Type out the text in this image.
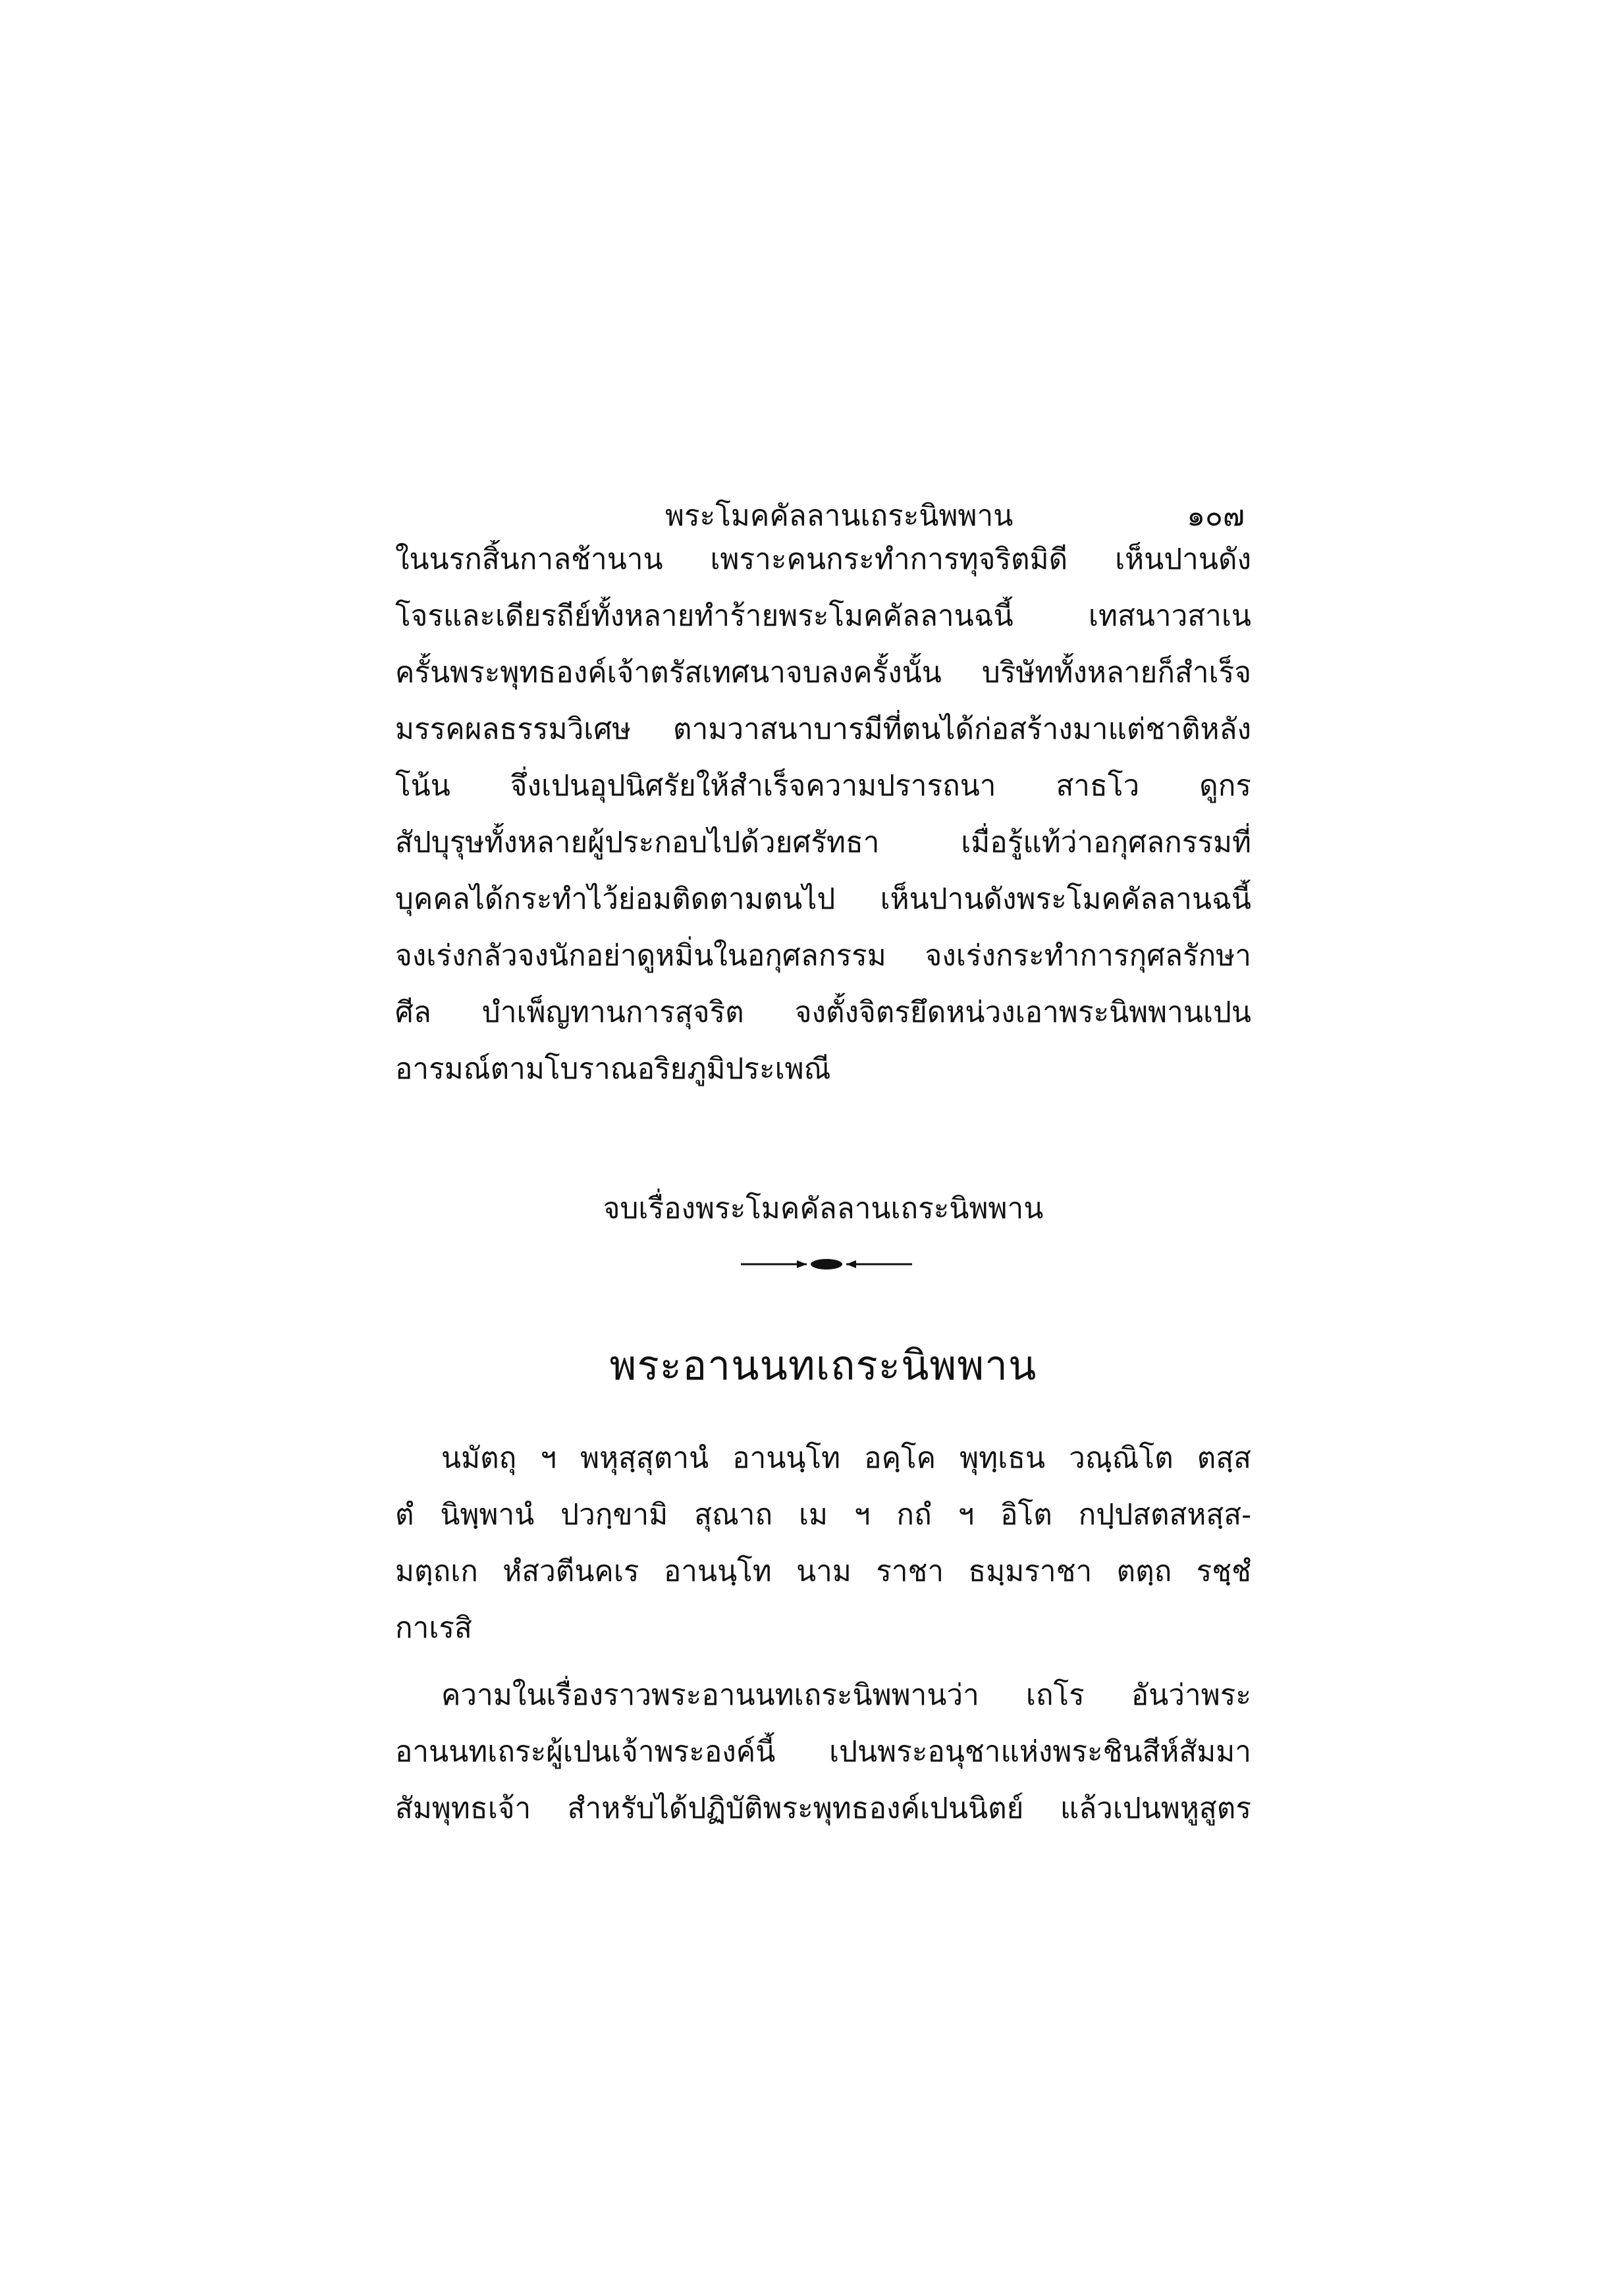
พระโมคคัลลานเถระนิพพาน	๑๐๗
ในนรกสิ้นกาลช้านาน เพราะคนกระทำการทุจริตมิดี เห็นปานดัง
โจรและเดียรถีย์ทั้งหลายทำร้ายพระโมคคัลลานฉนี้ เทสนาวสาเน
ครั้นพระพุทธองค์เจ้าตรัสเทศนาจบลงครั้งนั้น บริษัททั้งหลายก็สำเร็จ
มรรคผลธรรมวิเศษ ตามวาสนาบารมีที่ตนได้ก่อสร้างมาแต่ชาติหลัง
โน้น จึ่งเปนอุปนิศรัยให้สำเร็จความปรารถนา สาธโว ดูกร
สัปบุรุษทั้งหลายผู้ประกอบไปด้วยศรัทธา เมื่อรู้แท้ว่าอกุศลกรรมที่
บุคคลได้กระทำไว้ย่อมติดตามตนไป เห็นปานดังพระโมคคัลลานฉนี้
จงเร่งกลัวจงนักอย่าดูหมิ่นในอกุศลกรรม จงเร่งกระทำการกุศลรักษา
ศีล บำเพ็ญทานการสุจริต จงตั้งจิตรยึดหน่วงเอาพระนิพพานเปน
อารมณ์ตามโบราณอริยภูมิประเพณี
จบเรื่องพระโมคคัลลานเถระนิพพาน
พระอานนทเถระนิพพาน
นมัตถุ ฯ พหุสฺสุตานํ อานนฺโท อคฺโค พุทฺเธน วณฺณิโต ตสฺส
ตํ นิพฺพานํ ปวกฺขามิ สุณาถ เม ฯ กถํ ฯ อิโต กปฺปสตสหสฺส-
มตฺถเก หํสวตีนคเร อานนฺโท นาม ราชา ธมฺมราชา ตตฺถ รชฺชํ
กาเรสิ
ความในเรื่องราวพระอานนทเถระนิพพานว่า เถโร อันว่าพระ
อานนทเถระผู้เปนเจ้าพระองค์นี้ เปนพระอนุชาแห่งพระชินสีห์สัมมา
สัมพุทธเจ้า สำหรับได้ปฏิบัติพระพุทธองค์เปนนิตย์ แล้วเปนพหูสูตร
